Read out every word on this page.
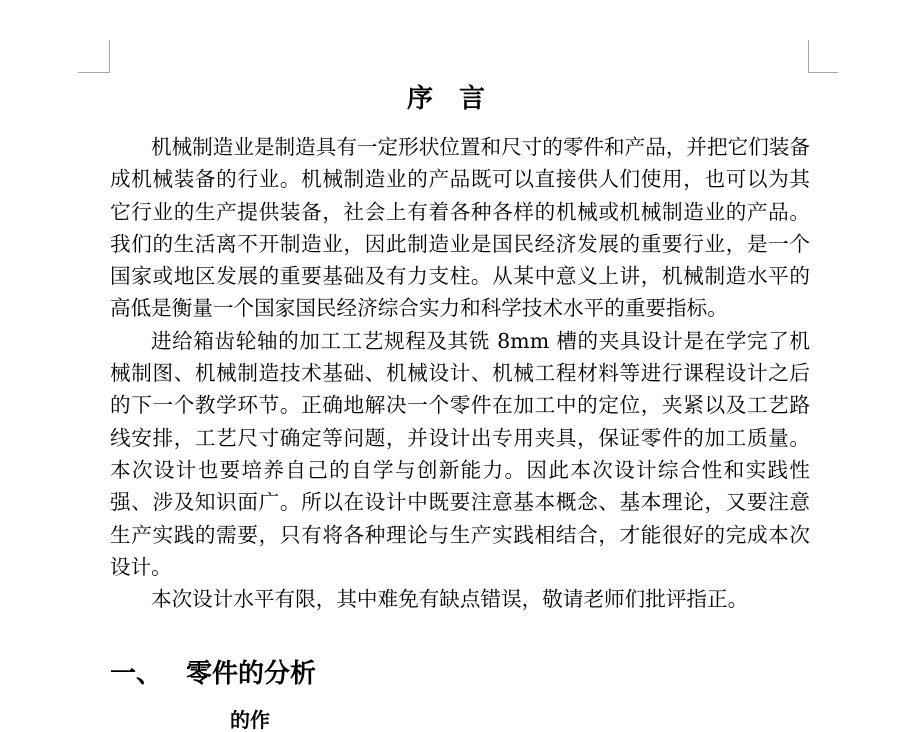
序言

机械制造业是制造具有一定形状位置和尺寸的零件和产品，并把它们装备成机械装备的行业。机械制造业的产品既可以直接供人们使用，也可以为其它行业的生产提供装备，社会上有着各种各样的机械或机械制造业的产品。我们的生活离不开制造业，因此制造业是国民经济发展的重要行业，是一个国家或地区发展的重要基础及有力支柱。从某中意义上讲，机械制造水平的高低是衡量一个国家国民经济综合实力和科学技术水平的重要指标。

进给箱齿轮轴的加工工艺规程及其铣 8mm 槽的夹具设计是在学完了机械制图、机械制造技术基础、机械设计、机械工程材料等进行课程设计之后的下一个教学环节。正确地解决一个零件在加工中的定位，夹紧以及工艺路线安排，工艺尺寸确定等问题，并设计出专用夹具，保证零件的加工质量。本次设计也要培养自己的自学与创新能力。因此本次设计综合性和实践性强、涉及知识面广。所以在设计中既要注意基本概念、基本理论，又要注意生产实践的需要，只有将各种理论与生产实践相结合，才能很好的完成本次设计。

本次设计水平有限，其中难免有缺点错误，敬请老师们批评指正。

一、 零件的分析
的作
